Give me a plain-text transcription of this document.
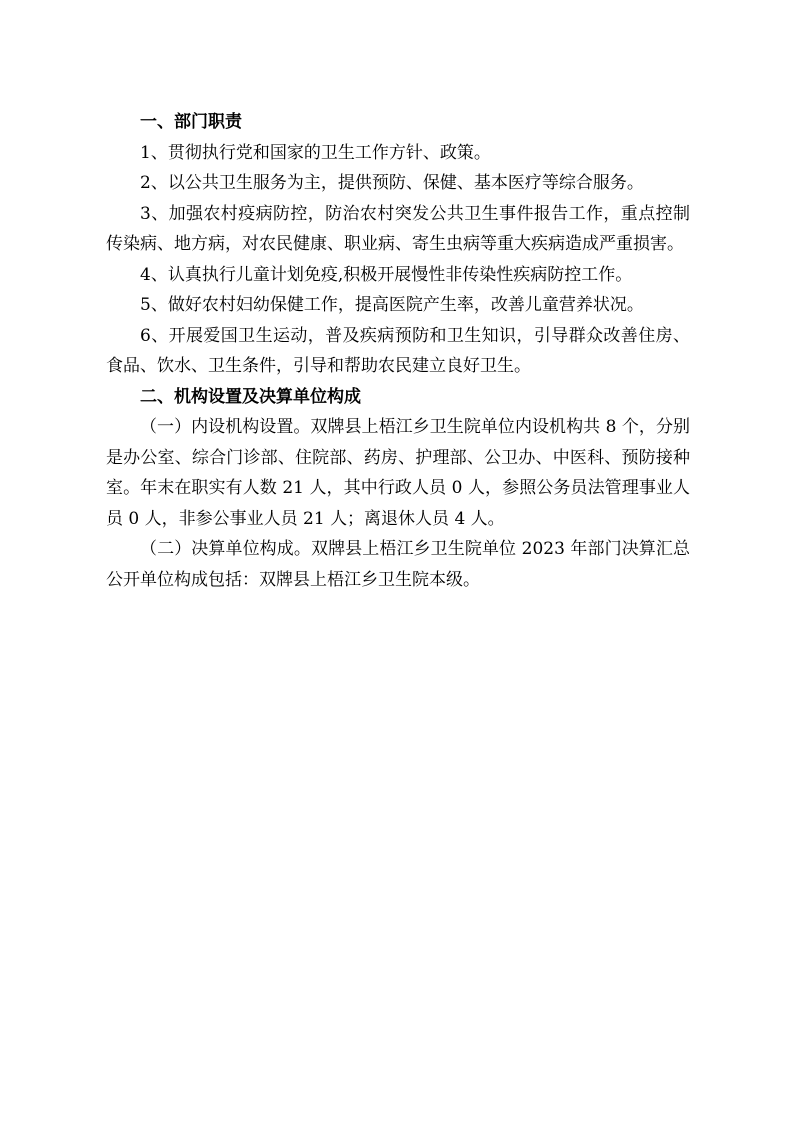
一、部门职责

1、贯彻执行党和国家的卫生工作方针、政策。

2、以公共卫生服务为主，提供预防、保健、基本医疗等综合服务。

3、加强农村疫病防控，防治农村突发公共卫生事件报告工作，重点控制传染病、地方病，对农民健康、职业病、寄生虫病等重大疾病造成严重损害。

4、认真执行儿童计划免疫,积极开展慢性非传染性疾病防控工作。

5、做好农村妇幼保健工作，提高医院产生率，改善儿童营养状况。

6、开展爱国卫生运动，普及疾病预防和卫生知识，引导群众改善住房、食品、饮水、卫生条件，引导和帮助农民建立良好卫生。

二、机构设置及决算单位构成

（一）内设机构设置。双牌县上梧江乡卫生院单位内设机构共 8 个，分别是办公室、综合门诊部、住院部、药房、护理部、公卫办、中医科、预防接种室。年末在职实有人数 21 人，其中行政人员 0 人，参照公务员法管理事业人员 0 人，非参公事业人员 21 人；离退休人员 4 人。

（二）决算单位构成。双牌县上梧江乡卫生院单位 2023 年部门决算汇总公开单位构成包括：双牌县上梧江乡卫生院本级。
